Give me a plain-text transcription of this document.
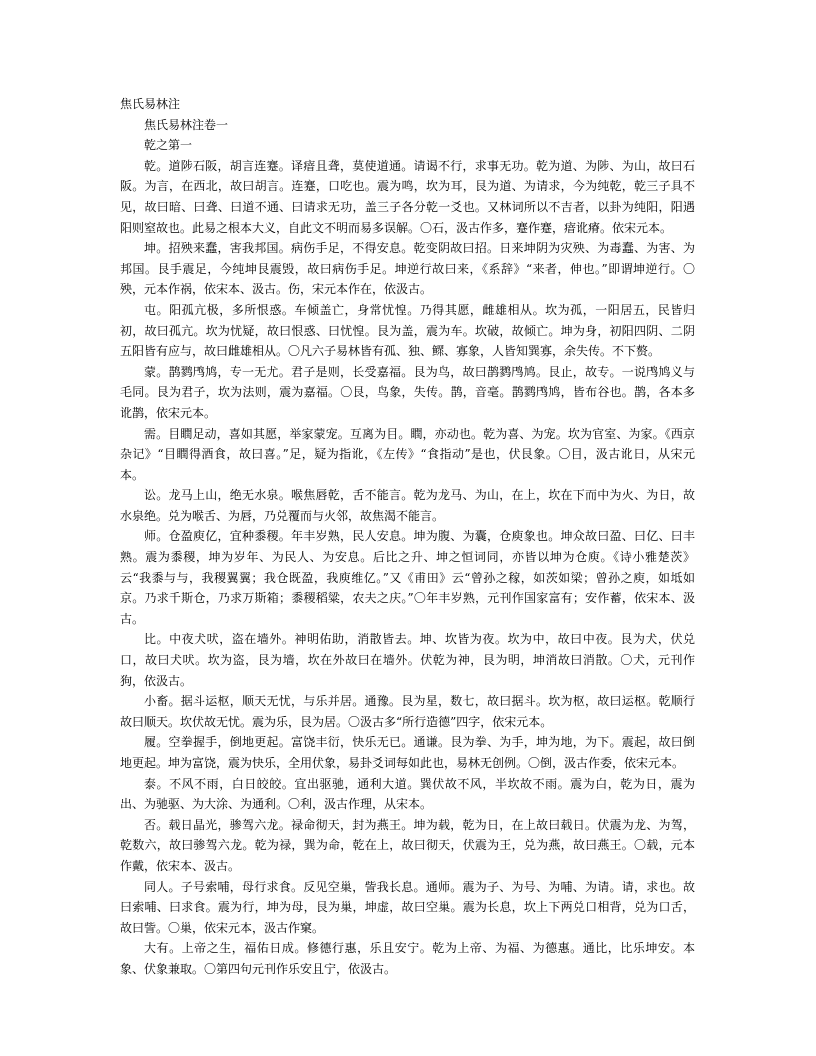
焦氏易林注

焦氏易林注卷一

乾之第一

乾。道陟石阪，胡言连蹇。译瘖且聋，莫使道通。请谒不行，求事无功。乾为道、为陟、为山，故曰石阪。为言，在西北，故曰胡言。连蹇，口吃也。震为鸣，坎为耳，艮为道、为请求，今为纯乾，乾三子具不见，故曰暗、曰聋、曰道不通、曰请求无功，盖三子各分乾一爻也。又林词所以不吉者，以卦为纯阳，阳遇阳则窒故也。此易之根本大义，自此文不明而易多误解。〇石，汲古作多，蹇作蹇，瘖讹瘠。依宋元本。

坤。招殃来蠢，害我邦国。病伤手足，不得安息。乾变阴故曰招。日来坤阴为灾殃、为毒蠢、为害、为邦国。艮手震足，今纯坤艮震毁，故曰病伤手足。坤逆行故曰来，《系辞》“来者，伸也。”即谓坤逆行。〇殃，元本作祸，依宋本、汲古。伤，宋元本作在，依汲古。

屯。阳孤亢极，多所恨惑。车倾盖亡，身常忧惶。乃得其愿，雌雄相从。坎为孤，一阳居五，民皆归初，故曰孤亢。坎为忧疑，故曰恨惑、曰忧惶。艮为盖，震为车。坎破，故倾亡。坤为身，初阳四阴、二阴五阳皆有应与，故曰雌雄相从。〇凡六子易林皆有孤、独、鳏、寡象，人皆知巽寡，余失传。不下赘。

蒙。鹊鹨鸤鸠，专一无尤。君子是则，长受嘉福。艮为鸟，故曰鹊鹨鸤鸠。艮止，故专。一说鸤鸠义与毛同。艮为君子，坎为法则，震为嘉福。〇艮，鸟象，失传。鹊，音毫。鹊鹨鸤鸠，皆布谷也。鹊，各本多讹鹊，依宋元本。

需。目瞤足动，喜如其愿，举家蒙宠。互离为目。瞤，亦动也。乾为喜、为宠。坎为官室、为家。《西京杂记》“目瞤得酒食，故曰喜。”足，疑为指讹，《左传》“食指动”是也，伏艮象。〇目，汲古讹日，从宋元本。

讼。龙马上山，绝无水泉。喉焦唇乾，舌不能言。乾为龙马、为山，在上，坎在下而中为火、为日，故水泉绝。兑为喉舌、为唇，乃兑覆而与火邻，故焦渴不能言。

师。仓盈庾亿，宜种黍稷。年丰岁熟，民人安息。坤为腹、为囊，仓庾象也。坤众故曰盈、曰亿、曰丰熟。震为黍稷，坤为岁年、为民人、为安息。后比之升、坤之恒词同，亦皆以坤为仓庾。《诗小雅楚茨》云“我黍与与，我稷翼翼；我仓既盈，我庾维亿。”又《甫田》云“曾孙之稼，如茨如梁；曾孙之庾，如坻如京。乃求千斯仓，乃求万斯箱；黍稷稻粱，农夫之庆。”〇年丰岁熟，元刊作国家富有；安作蓄，依宋本、汲古。

比。中夜犬吠，盗在墙外。神明佑助，消散皆去。坤、坎皆为夜。坎为中，故曰中夜。艮为犬，伏兑口，故曰犬吠。坎为盗，艮为墙，坎在外故曰在墙外。伏乾为神，艮为明，坤消故曰消散。〇犬，元刊作狗，依汲古。

小畜。据斗运枢，顺天无忧，与乐并居。通豫。艮为星，数七，故曰据斗。坎为枢，故曰运枢。乾顺行故曰顺天。坎伏故无忧。震为乐，艮为居。〇汲古多“所行造德”四字，依宋元本。

履。空拳握手，倒地更起。富饶丰衍，快乐无已。通谦。艮为拳、为手，坤为地，为下。震起，故曰倒地更起。坤为富饶，震为快乐，全用伏象，易卦爻词每如此也，易林无创例。〇倒，汲古作委，依宋元本。

泰。不风不雨，白日皎皎。宜出驱驰，通利大道。巽伏故不风，半坎故不雨。震为白，乾为日，震为出、为驰驱、为大涂、为通利。〇利，汲古作理，从宋本。

否。载日晶光，骖驾六龙。禄命彻天，封为燕王。坤为载，乾为日，在上故曰载日。伏震为龙、为驾，乾数六，故曰骖驾六龙。乾为禄，巽为命，乾在上，故曰彻天，伏震为王，兑为燕，故曰燕王。〇载，元本作戴，依宋本、汲古。

同人。子号索哺，母行求食。反见空巢，訾我长息。通师。震为子、为号、为哺、为请。请，求也。故曰索哺、曰求食。震为行，坤为母，艮为巢，坤虚，故曰空巢。震为长息，坎上下两兑口相背，兑为口舌，故曰訾。〇巢，依宋元本，汲古作窠。

大有。上帝之生，福佑日成。修德行惠，乐且安宁。乾为上帝、为福、为德惠。通比，比乐坤安。本象、伏象兼取。〇第四句元刊作乐安且宁，依汲古。
